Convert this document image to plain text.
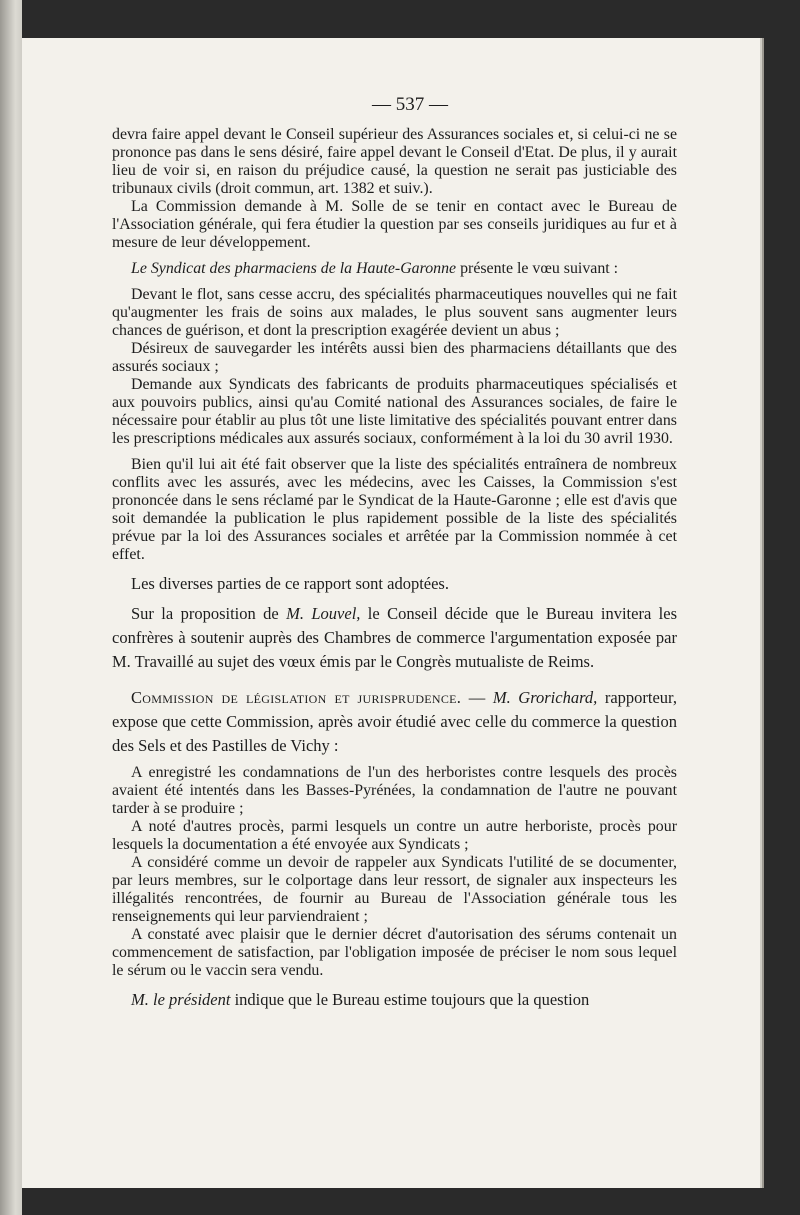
— 537 —

devra faire appel devant le Conseil supérieur des Assurances sociales et, si celui-ci ne se prononce pas dans le sens désiré, faire appel devant le Conseil d'Etat. De plus, il y aurait lieu de voir si, en raison du préjudice causé, la question ne serait pas justiciable des tribunaux civils (droit commun, art. 1382 et suiv.).

La Commission demande à M. Solle de se tenir en contact avec le Bureau de l'Association générale, qui fera étudier la question par ses conseils juridiques au fur et à mesure de leur développement.

Le Syndicat des pharmaciens de la Haute-Garonne présente le vœu suivant :

Devant le flot, sans cesse accru, des spécialités pharmaceutiques nouvelles qui ne fait qu'augmenter les frais de soins aux malades, le plus souvent sans augmenter leurs chances de guérison, et dont la prescription exagérée devient un abus ;

Désireux de sauvegarder les intérêts aussi bien des pharmaciens détaillants que des assurés sociaux ;

Demande aux Syndicats des fabricants de produits pharmaceutiques spécialisés et aux pouvoirs publics, ainsi qu'au Comité national des Assurances sociales, de faire le nécessaire pour établir au plus tôt une liste limitative des spécialités pouvant entrer dans les prescriptions médicales aux assurés sociaux, conformément à la loi du 30 avril 1930.

Bien qu'il lui ait été fait observer que la liste des spécialités entraînera de nombreux conflits avec les assurés, avec les médecins, avec les Caisses, la Commission s'est prononcée dans le sens réclamé par le Syndicat de la Haute-Garonne ; elle est d'avis que soit demandée la publication le plus rapidement possible de la liste des spécialités prévue par la loi des Assurances sociales et arrêtée par la Commission nommée à cet effet.

Les diverses parties de ce rapport sont adoptées.

Sur la proposition de M. Louvel, le Conseil décide que le Bureau invitera les confrères à soutenir auprès des Chambres de commerce l'argumentation exposée par M. Travaillé au sujet des vœux émis par le Congrès mutualiste de Reims.

Commission de législation et jurisprudence. — M. Grorichard, rapporteur, expose que cette Commission, après avoir étudié avec celle du commerce la question des Sels et des Pastilles de Vichy :

A enregistré les condamnations de l'un des herboristes contre lesquels des procès avaient été intentés dans les Basses-Pyrénées, la condamnation de l'autre ne pouvant tarder à se produire ;

A noté d'autres procès, parmi lesquels un contre un autre herboriste, procès pour lesquels la documentation a été envoyée aux Syndicats ;

A considéré comme un devoir de rappeler aux Syndicats l'utilité de se documenter, par leurs membres, sur le colportage dans leur ressort, de signaler aux inspecteurs les illégalités rencontrées, de fournir au Bureau de l'Association générale tous les renseignements qui leur parviendraient ;

A constaté avec plaisir que le dernier décret d'autorisation des sérums contenait un commencement de satisfaction, par l'obligation imposée de préciser le nom sous lequel le sérum ou le vaccin sera vendu.

M. le président indique que le Bureau estime toujours que la question
